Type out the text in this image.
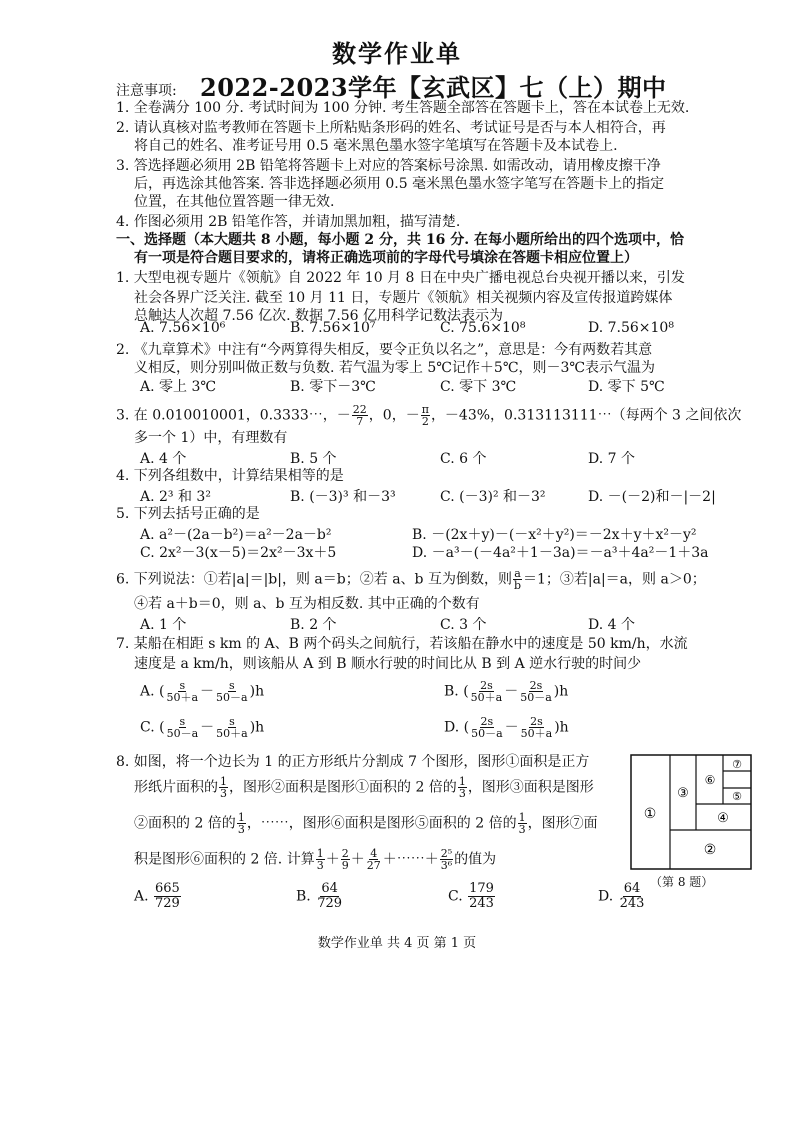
数学作业单
注意事项: 2022-2023学年【玄武区】七（上）期中
1. 全卷满分 100 分. 考试时间为 100 分钟. 考生答题全部答在答题卡上，答在本试卷上无效.
2. 请认真核对监考教师在答题卡上所粘贴条形码的姓名、考试证号是否与本人相符合，再
将自己的姓名、准考证号用 0.5 毫米黑色墨水签字笔填写在答题卡及本试卷上.
3. 答选择题必须用 2B 铅笔将答题卡上对应的答案标号涂黑. 如需改动，请用橡皮擦干净
后，再选涂其他答案. 答非选择题必须用 0.5 毫米黑色墨水签字笔写在答题卡上的指定
位置，在其他位置答题一律无效.
4. 作图必须用 2B 铅笔作答，并请加黑加粗，描写清楚.
一、选择题（本大题共 8 小题，每小题 2 分，共 16 分. 在每小题所给出的四个选项中，恰
有一项是符合题目要求的，请将正确选项前的字母代号填涂在答题卡相应位置上）
1. 大型电视专题片《领航》自 2022 年 10 月 8 日在中央广播电视总台央视开播以来，引发
社会各界广泛关注. 截至 10 月 11 日，专题片《领航》相关视频内容及宣传报道跨媒体
总触达人次超 7.56 亿次. 数据 7.56 亿用科学记数法表示为
A. 7.56×10⁶	B. 7.56×10⁷	C. 75.6×10⁸	D. 7.56×10⁸
2. 《九章算术》中注有“今两算得失相反，要令正负以名之”，意思是：今有两数若其意
义相反，则分别叫做正数与负数. 若气温为零上 5℃记作＋5℃，则－3℃表示气温为
A. 零上 3℃	B. 零下－3℃	C. 零下 3℃	D. 零下 5℃
3. 在 0.010010001，0.3333⋯，－ $\frac{22}{7}$ ，0，－ $\frac{\pi}{2}$ ，－43%，0.313113111⋯（每两个 3 之间依次
多一个 1）中，有理数有
A. 4 个	B. 5 个	C. 6 个	D. 7 个
4. 下列各组数中，计算结果相等的是
A. 2³ 和 3²	B. (－3)³ 和－3³	C. (－3)² 和－3²	D. －(－2)和－|－2|
5. 下列去括号正确的是
A. a²－(2a－b²)＝a²－2a－b²	B. －(2x＋y)－(－x²＋y²)＝－2x＋y＋x²－y²
C. 2x²－3(x－5)＝2x²－3x＋5	D. －a³－(－4a²＋1－3a)＝－a³＋4a²－1＋3a
6. 下列说法：①若|a|＝|b|，则 a＝b；②若 a、b 互为倒数，则 $\frac{a}{b} =1$；③若|a|＝a，则 a＞0；
④若 a＋b＝0，则 a、b 互为相反数. 其中正确的个数有
A. 1 个	B. 2 个	C. 3 个	D. 4 个
7. 某船在相距 s km 的 A、B 两个码头之间航行，若该船在静水中的速度是 50 km/h，水流
速度是 a km/h，则该船从 A 到 B 顺水行驶的时间比从 B 到 A 逆水行驶的时间少
A. ( $\frac{s}{50+a} - \frac{s}{50-a} )h$	B. ( $\frac{2s}{50+a} - \frac{2s}{50-a} )h$
C. ( $\frac{s}{50-a} - \frac{s}{50+a} )h$	D. ( $\frac{2s}{50-a} - \frac{2s}{50+a} )h$
8. 如图，将一个边长为 1 的正方形纸片分割成 7 个图形，图形①面积是正方
形纸片面积的 $\frac{1}{3}$ ，图形②面积是图形①面积的 2 倍的 $\frac{1}{3}$ ，图形③面积是图形
②面积的 2 倍的 $\frac{1}{3}$ ，⋯⋯，图形⑥面积是图形⑤面积的 2 倍的 $\frac{1}{3}$ ，图形⑦面
积是图形⑥面积的 2 倍. 计算 $\frac{1}{3} + \frac{2}{9} + \frac{4}{27}$ ＋⋯⋯＋ $\frac{\text{2⁵}}{\text{3⁶}}$ 的值为
A. $\frac{665}{729}$	B. $\frac{64}{729}$	C. $\frac{179}{243}$	D. $\frac{64}{243}$
①
②
③
④
⑤
⑥
⑦
（第 8 题）
数学作业单 共 4 页 第 1 页
